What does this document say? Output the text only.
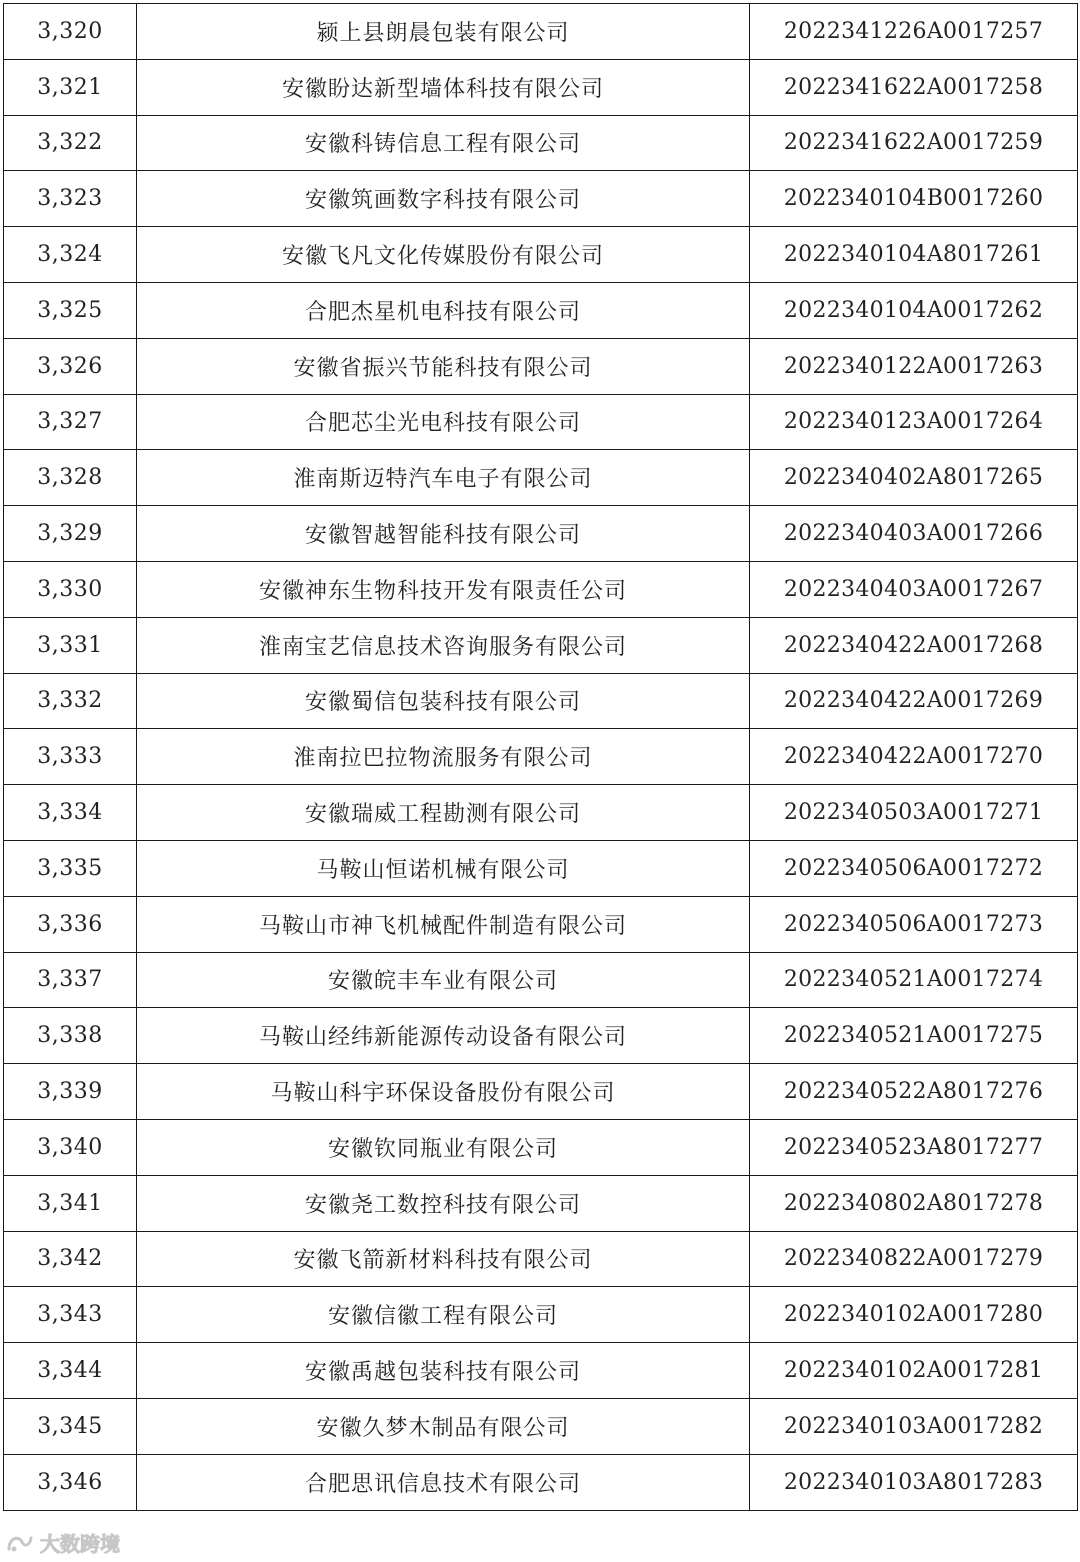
3,320	颍上县朗晨包装有限公司	2022341226A0017257
3,321	安徽盼达新型墙体科技有限公司	2022341622A0017258
3,322	安徽科铸信息工程有限公司	2022341622A0017259
3,323	安徽筑画数字科技有限公司	2022340104B0017260
3,324	安徽飞凡文化传媒股份有限公司	2022340104A8017261
3,325	合肥杰星机电科技有限公司	2022340104A0017262
3,326	安徽省振兴节能科技有限公司	2022340122A0017263
3,327	合肥芯尘光电科技有限公司	2022340123A0017264
3,328	淮南斯迈特汽车电子有限公司	2022340402A8017265
3,329	安徽智越智能科技有限公司	2022340403A0017266
3,330	安徽神东生物科技开发有限责任公司	2022340403A0017267
3,331	淮南宝艺信息技术咨询服务有限公司	2022340422A0017268
3,332	安徽蜀信包装科技有限公司	2022340422A0017269
3,333	淮南拉巴拉物流服务有限公司	2022340422A0017270
3,334	安徽瑞威工程勘测有限公司	2022340503A0017271
3,335	马鞍山恒诺机械有限公司	2022340506A0017272
3,336	马鞍山市神飞机械配件制造有限公司	2022340506A0017273
3,337	安徽皖丰车业有限公司	2022340521A0017274
3,338	马鞍山经纬新能源传动设备有限公司	2022340521A0017275
3,339	马鞍山科宇环保设备股份有限公司	2022340522A8017276
3,340	安徽钦同瓶业有限公司	2022340523A8017277
3,341	安徽尧工数控科技有限公司	2022340802A8017278
3,342	安徽飞箭新材料科技有限公司	2022340822A0017279
3,343	安徽信徽工程有限公司	2022340102A0017280
3,344	安徽禹越包装科技有限公司	2022340102A0017281
3,345	安徽久梦木制品有限公司	2022340103A0017282
3,346	合肥思讯信息技术有限公司	2022340103A8017283
大数跨境
